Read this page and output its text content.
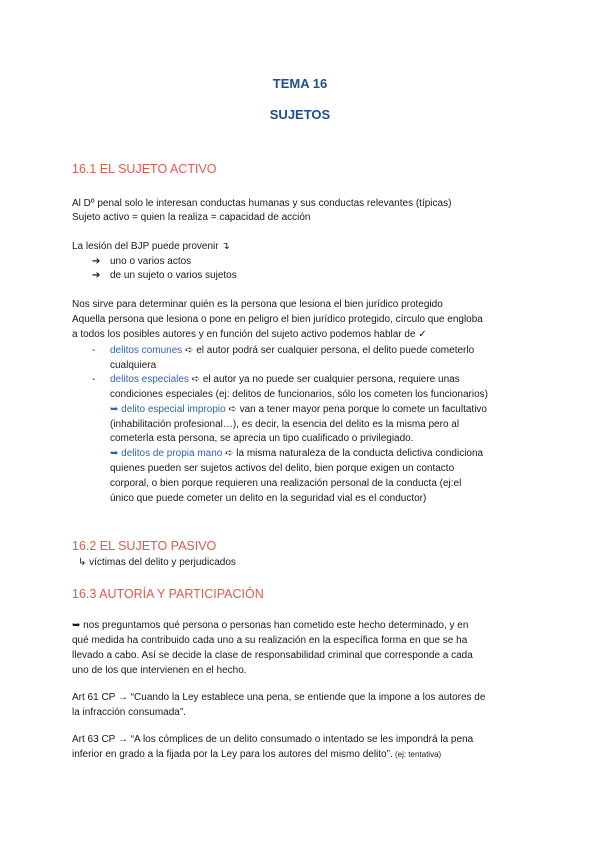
TEMA 16
SUJETOS
16.1 EL SUJETO ACTIVO
Al Dº penal solo le interesan conductas humanas y sus conductas relevantes (típicas)
Sujeto activo = quien la realiza = capacidad de acción
La lesión del BJP puede provenir ↴
➔ uno o varios actos
➔ de un sujeto o varios sujetos
Nos sirve para determinar quién es la persona que lesiona el bien jurídico protegido
Aquella persona que lesiona o pone en peligro el bien jurídico protegido, círculo que engloba
a todos los posibles autores y en función del sujeto activo podemos hablar de ✓
- delitos comunes ➪ el autor podrá ser cualquier persona, el delito puede cometerlo
cualquiera
- delitos especiales ➪ el autor ya no puede ser cualquier persona, requiere unas
condiciones especiales (ej: delitos de funcionarios, sólo los cometen los funcionarios)
➥ delito especial impropio ➪ van a tener mayor pena porque lo comete un facultativo
(inhabilitación profesional…), es decir, la esencia del delito es la misma pero al
cometerla esta persona, se aprecia un tipo cualificado o privilegiado.
➥ delitos de propia mano ➪ la misma naturaleza de la conducta delictiva condiciona
quienes pueden ser sujetos activos del delito, bien porque exigen un contacto
corporal, o bien porque requieren una realización personal de la conducta (ej:el
único que puede cometer un delito en la seguridad vial es el conductor)
16.2 EL SUJETO PASIVO
↳ víctimas del delito y perjudicados
16.3 AUTORÍA Y PARTICIPACIÓN
➥ nos preguntamos qué persona o personas han cometido este hecho determinado, y en
qué medida ha contribuido cada uno a su realización en la específica forma en que se ha
llevado a cabo. Así se decide la clase de responsabilidad criminal que corresponde a cada
uno de los que intervienen en el hecho.
Art 61 CP → “Cuando la Ley establece una pena, se entiende que la impone a los autores de
la infracción consumada”.
Art 63 CP → “A los cómplices de un delito consumado o intentado se les impondrá la pena
inferior en grado a la fijada por la Ley para los autores del mismo delito”. (ej: tentativa)
